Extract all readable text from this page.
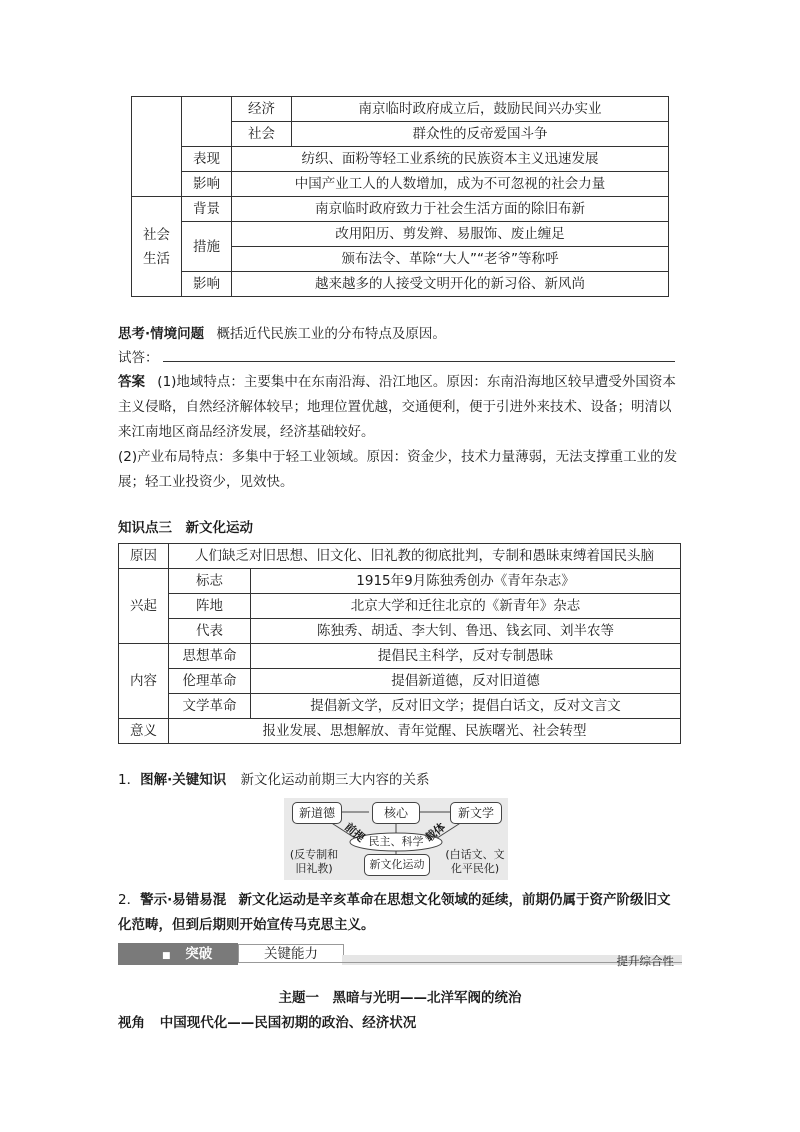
		经济	南京临时政府成立后，鼓励民间兴办实业
		社会	群众性的反帝爱国斗争
	表现	纺织、面粉等轻工业系统的民族资本主义迅速发展	
	影响	中国产业工人的人数增加，成为不可忽视的社会力量	
社会生活	背景	南京临时政府致力于社会生活方面的除旧布新	
	措施	改用阳历、剪发辫、易服饰、废止缠足	
		颁布法令、革除“大人”“老爷”等称呼	
	影响	越来越多的人接受文明开化的新习俗、新风尚	
思考·情境问题 概括近代民族工业的分布特点及原因。
试答：
答案 (1)地域特点：主要集中在东南沿海、沿江地区。原因：东南沿海地区较早遭受外国资本主义侵略，自然经济解体较早；地理位置优越，交通便利，便于引进外来技术、设备；明清以来江南地区商品经济发展，经济基础较好。
(2)产业布局特点：多集中于轻工业领域。原因：资金少，技术力量薄弱，无法支撑重工业的发展；轻工业投资少，见效快。
知识点三　新文化运动
原因	人们缺乏对旧思想、旧文化、旧礼教的彻底批判，专制和愚昧束缚着国民头脑	
兴起	标志	1915年9月陈独秀创办《青年杂志》
	阵地	北京大学和迁往北京的《新青年》杂志
	代表	陈独秀、胡适、李大钊、鲁迅、钱玄同、刘半农等
内容	思想革命	提倡民主科学，反对专制愚昧
	伦理革命	提倡新道德，反对旧道德
	文学革命	提倡新文学，反对旧文学；提倡白话文，反对文言文
意义	报业发展、思想解放、青年觉醒、民族曙光、社会转型	
1．图解·关键知识 新文化运动前期三大内容的关系
新道德	核心	新文学
前提	载体
民主、科学
(反专制和旧礼教)	新文化运动
(白话文、文化平民化)
2．警示·易错易混 新文化运动是辛亥革命在思想文化领域的延续，前期仍属于资产阶级旧文化范畴，但到后期则开始宣传马克思主义。
■ 突破	关键能力	提升综合性
主题一　黑暗与光明——北洋军阀的统治
视角 中国现代化——民国初期的政治、经济状况
